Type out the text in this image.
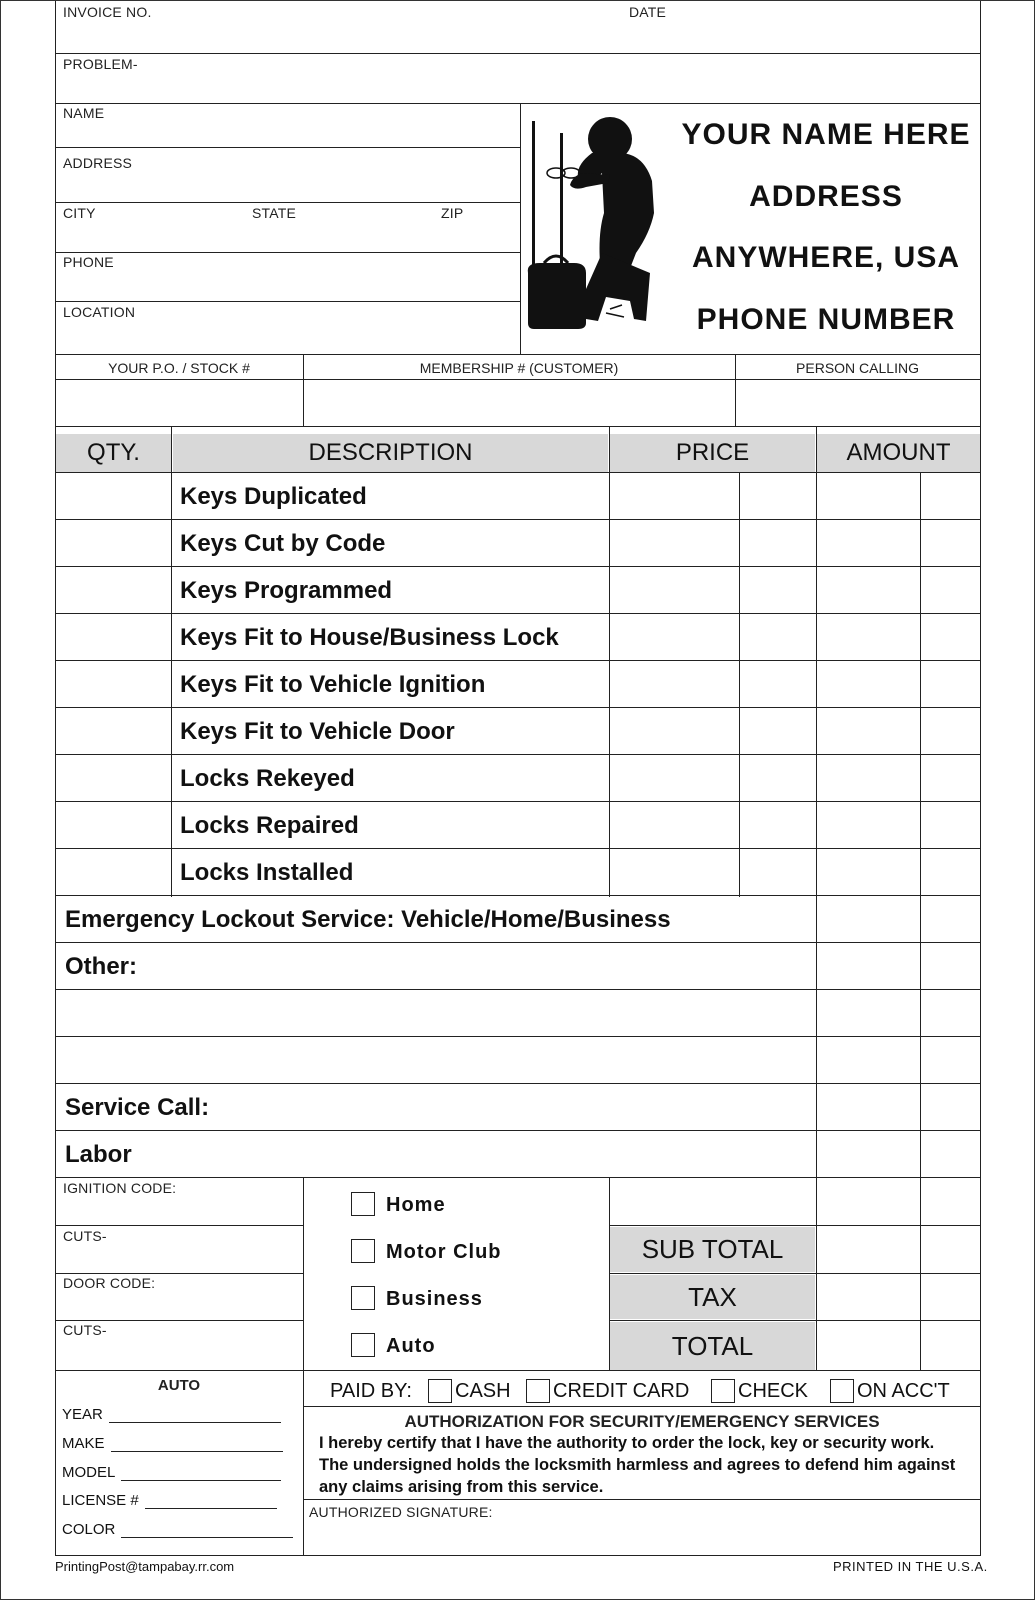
INVOICE NO.	DATE
PROBLEM-
NAME
ADDRESS
CITY	STATE	ZIP
PHONE
LOCATION
YOUR NAME HERE
ADDRESS
ANYWHERE, USA
PHONE NUMBER
YOUR P.O. / STOCK #	MEMBERSHIP # (CUSTOMER)	PERSON CALLING
QTY.	DESCRIPTION	PRICE	AMOUNT
Keys Duplicated
Keys Cut by Code
Keys Programmed
Keys Fit to House/Business Lock
Keys Fit to Vehicle Ignition
Keys Fit to Vehicle Door
Locks Rekeyed
Locks Repaired
Locks Installed
Emergency Lockout Service: Vehicle/Home/Business
Other:
Service Call:
Labor
IGNITION CODE:
CUTS-
DOOR CODE:
CUTS-
Home
Motor Club
Business
Auto
SUB TOTAL
TAX
TOTAL
AUTO
YEAR
MAKE
MODEL
LICENSE #
COLOR
PAID BY: CASH CREDIT CARD CHECK ON ACC'T
AUTHORIZATION FOR SECURITY/EMERGENCY SERVICES
I hereby certify that I have the authority to order the lock, key or security work.
The undersigned holds the locksmith harmless and agrees to defend him against
any claims arising from this service.
AUTHORIZED SIGNATURE:
PrintingPost@tampabay.rr.com	PRINTED IN THE U.S.A.
